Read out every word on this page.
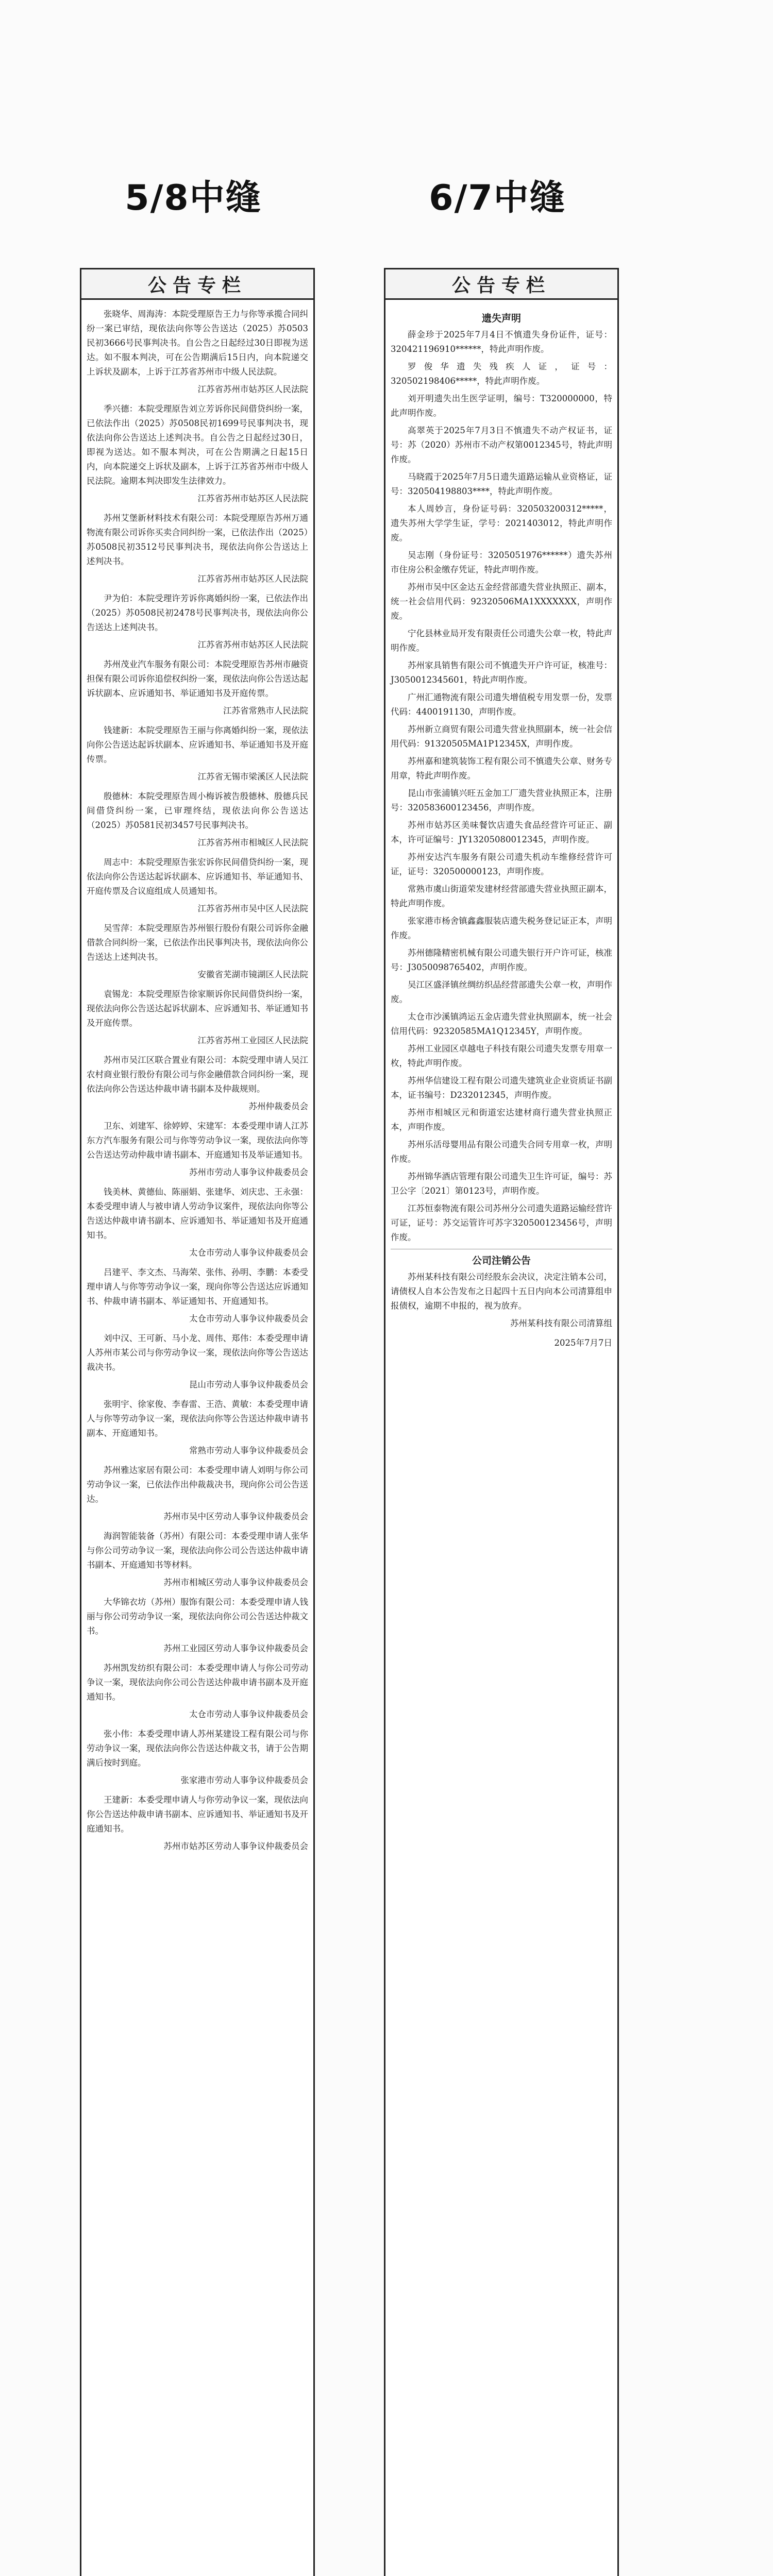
5/8中缝	6/7中缝
公告专栏

张晓华、周海涛：本院受理原告王力与你等承揽合同纠纷一案已审结，现依法向你等公告送达（2025）苏0503民初3666号民事判决书。自公告之日起经过30日即视为送达。如不服本判决，可在公告期满后15日内，向本院递交上诉状及副本，上诉于江苏省苏州市中级人民法院。

江苏省苏州市姑苏区人民法院

季兴德：本院受理原告刘立芳诉你民间借贷纠纷一案，已依法作出（2025）苏0508民初1699号民事判决书，现依法向你公告送达上述判决书。自公告之日起经过30日，即视为送达。如不服本判决，可在公告期满之日起15日内，向本院递交上诉状及副本，上诉于江苏省苏州市中级人民法院。逾期本判决即发生法律效力。

江苏省苏州市姑苏区人民法院

苏州艾堡新材料技术有限公司：本院受理原告苏州万通物流有限公司诉你买卖合同纠纷一案，已依法作出（2025）苏0508民初3512号民事判决书，现依法向你公告送达上述判决书。

江苏省苏州市姑苏区人民法院

尹为伯：本院受理许芳诉你离婚纠纷一案，已依法作出（2025）苏0508民初2478号民事判决书，现依法向你公告送达上述判决书。

江苏省苏州市姑苏区人民法院

苏州茂业汽车服务有限公司：本院受理原告苏州市融资担保有限公司诉你追偿权纠纷一案，现依法向你公告送达起诉状副本、应诉通知书、举证通知书及开庭传票。

江苏省常熟市人民法院

钱建新：本院受理原告王丽与你离婚纠纷一案，现依法向你公告送达起诉状副本、应诉通知书、举证通知书及开庭传票。

江苏省无锡市梁溪区人民法院

殷德林：本院受理原告周小梅诉被告殷德林、殷德兵民间借贷纠纷一案，已审理终结，现依法向你公告送达（2025）苏0581民初3457号民事判决书。

江苏省苏州市相城区人民法院

周志中：本院受理原告张宏诉你民间借贷纠纷一案，现依法向你公告送达起诉状副本、应诉通知书、举证通知书、开庭传票及合议庭组成人员通知书。

江苏省苏州市吴中区人民法院

吴雪萍：本院受理原告苏州银行股份有限公司诉你金融借款合同纠纷一案，已依法作出民事判决书，现依法向你公告送达上述判决书。

安徽省芜湖市镜湖区人民法院

袁锡龙：本院受理原告徐家顺诉你民间借贷纠纷一案，现依法向你公告送达起诉状副本、应诉通知书、举证通知书及开庭传票。

江苏省苏州工业园区人民法院

苏州市吴江区联合置业有限公司：本院受理申请人吴江农村商业银行股份有限公司与你金融借款合同纠纷一案，现依法向你公告送达仲裁申请书副本及仲裁规则。

苏州仲裁委员会

卫东、刘建军、徐婷婷、宋建军：本委受理申请人江苏东方汽车服务有限公司与你等劳动争议一案，现依法向你等公告送达劳动仲裁申请书副本、开庭通知书及举证通知书。

苏州市劳动人事争议仲裁委员会

钱美林、黄德仙、陈丽娟、张建华、刘庆忠、王永强：本委受理申请人与被申请人劳动争议案件，现依法向你等公告送达仲裁申请书副本、应诉通知书、举证通知书及开庭通知书。

太仓市劳动人事争议仲裁委员会

吕建平、李文杰、马海荣、张伟、孙明、李鹏：本委受理申请人与你等劳动争议一案，现向你等公告送达应诉通知书、仲裁申请书副本、举证通知书、开庭通知书。

太仓市劳动人事争议仲裁委员会

刘中汉、王可新、马小龙、周伟、郑伟：本委受理申请人苏州市某公司与你劳动争议一案，现依法向你等公告送达裁决书。

昆山市劳动人事争议仲裁委员会

张明宇、徐家俊、李春雷、王浩、黄敏：本委受理申请人与你等劳动争议一案，现依法向你等公告送达仲裁申请书副本、开庭通知书。

常熟市劳动人事争议仲裁委员会

苏州雅达家居有限公司：本委受理申请人刘明与你公司劳动争议一案，已依法作出仲裁裁决书，现向你公司公告送达。

苏州市吴中区劳动人事争议仲裁委员会

海润智能装备（苏州）有限公司：本委受理申请人张华与你公司劳动争议一案，现依法向你公司公告送达仲裁申请书副本、开庭通知书等材料。

苏州市相城区劳动人事争议仲裁委员会

大华锦衣坊（苏州）服饰有限公司：本委受理申请人钱丽与你公司劳动争议一案，现依法向你公司公告送达仲裁文书。

苏州工业园区劳动人事争议仲裁委员会

苏州凯发纺织有限公司：本委受理申请人与你公司劳动争议一案，现依法向你公司公告送达仲裁申请书副本及开庭通知书。

太仓市劳动人事争议仲裁委员会

张小伟：本委受理申请人苏州某建设工程有限公司与你劳动争议一案，现依法向你公告送达仲裁文书，请于公告期满后按时到庭。

张家港市劳动人事争议仲裁委员会

王建新：本委受理申请人与你劳动争议一案，现依法向你公告送达仲裁申请书副本、应诉通知书、举证通知书及开庭通知书。

苏州市姑苏区劳动人事争议仲裁委员会

公告专栏

遗失声明

薛金珍于2025年7月4日不慎遗失身份证件，证号：320421196910******，特此声明作废。

罗俊华遗失残疾人证，证号：320502198406*****，特此声明作废。

刘开明遗失出生医学证明，编号：T320000000，特此声明作废。

高翠英于2025年7月3日不慎遗失不动产权证书，证号：苏（2020）苏州市不动产权第0012345号，特此声明作废。

马晓霞于2025年7月5日遗失道路运输从业资格证，证号：320504198803****，特此声明作废。

本人周妙言，身份证号码：320503200312*****，遗失苏州大学学生证，学号：2021403012，特此声明作废。

吴志刚（身份证号：3205051976******）遗失苏州市住房公积金缴存凭证，特此声明作废。

苏州市吴中区金达五金经营部遗失营业执照正、副本，统一社会信用代码：92320506MA1XXXXXXX，声明作废。

宁化县林业局开发有限责任公司遗失公章一枚，特此声明作废。

苏州家具销售有限公司不慎遗失开户许可证，核准号：J3050012345601，特此声明作废。

广州汇通物流有限公司遗失增值税专用发票一份，发票代码：4400191130，声明作废。

苏州新立商贸有限公司遗失营业执照副本，统一社会信用代码：91320505MA1P12345X，声明作废。

苏州嘉和建筑装饰工程有限公司不慎遗失公章、财务专用章，特此声明作废。

昆山市张浦镇兴旺五金加工厂遗失营业执照正本，注册号：320583600123456，声明作废。

苏州市姑苏区美味餐饮店遗失食品经营许可证正、副本，许可证编号：JY13205080012345，声明作废。

苏州安达汽车服务有限公司遗失机动车维修经营许可证，证号：320500000123，声明作废。

常熟市虞山街道荣发建材经营部遗失营业执照正副本，特此声明作废。

张家港市杨舍镇鑫鑫服装店遗失税务登记证正本，声明作废。

苏州德隆精密机械有限公司遗失银行开户许可证，核准号：J3050098765402，声明作废。

吴江区盛泽镇丝绸纺织品经营部遗失公章一枚，声明作废。

太仓市沙溪镇鸿运五金店遗失营业执照副本，统一社会信用代码：92320585MA1Q12345Y，声明作废。

苏州工业园区卓越电子科技有限公司遗失发票专用章一枚，特此声明作废。

苏州华信建设工程有限公司遗失建筑业企业资质证书副本，证书编号：D232012345，声明作废。

苏州市相城区元和街道宏达建材商行遗失营业执照正本，声明作废。

苏州乐活母婴用品有限公司遗失合同专用章一枚，声明作废。

苏州锦华酒店管理有限公司遗失卫生许可证，编号：苏卫公字〔2021〕第0123号，声明作废。

江苏恒泰物流有限公司苏州分公司遗失道路运输经营许可证，证号：苏交运管许可苏字320500123456号，声明作废。

公司注销公告

苏州某科技有限公司经股东会决议，决定注销本公司，请债权人自本公告发布之日起四十五日内向本公司清算组申报债权，逾期不申报的，视为放弃。

苏州某科技有限公司清算组

2025年7月7日
